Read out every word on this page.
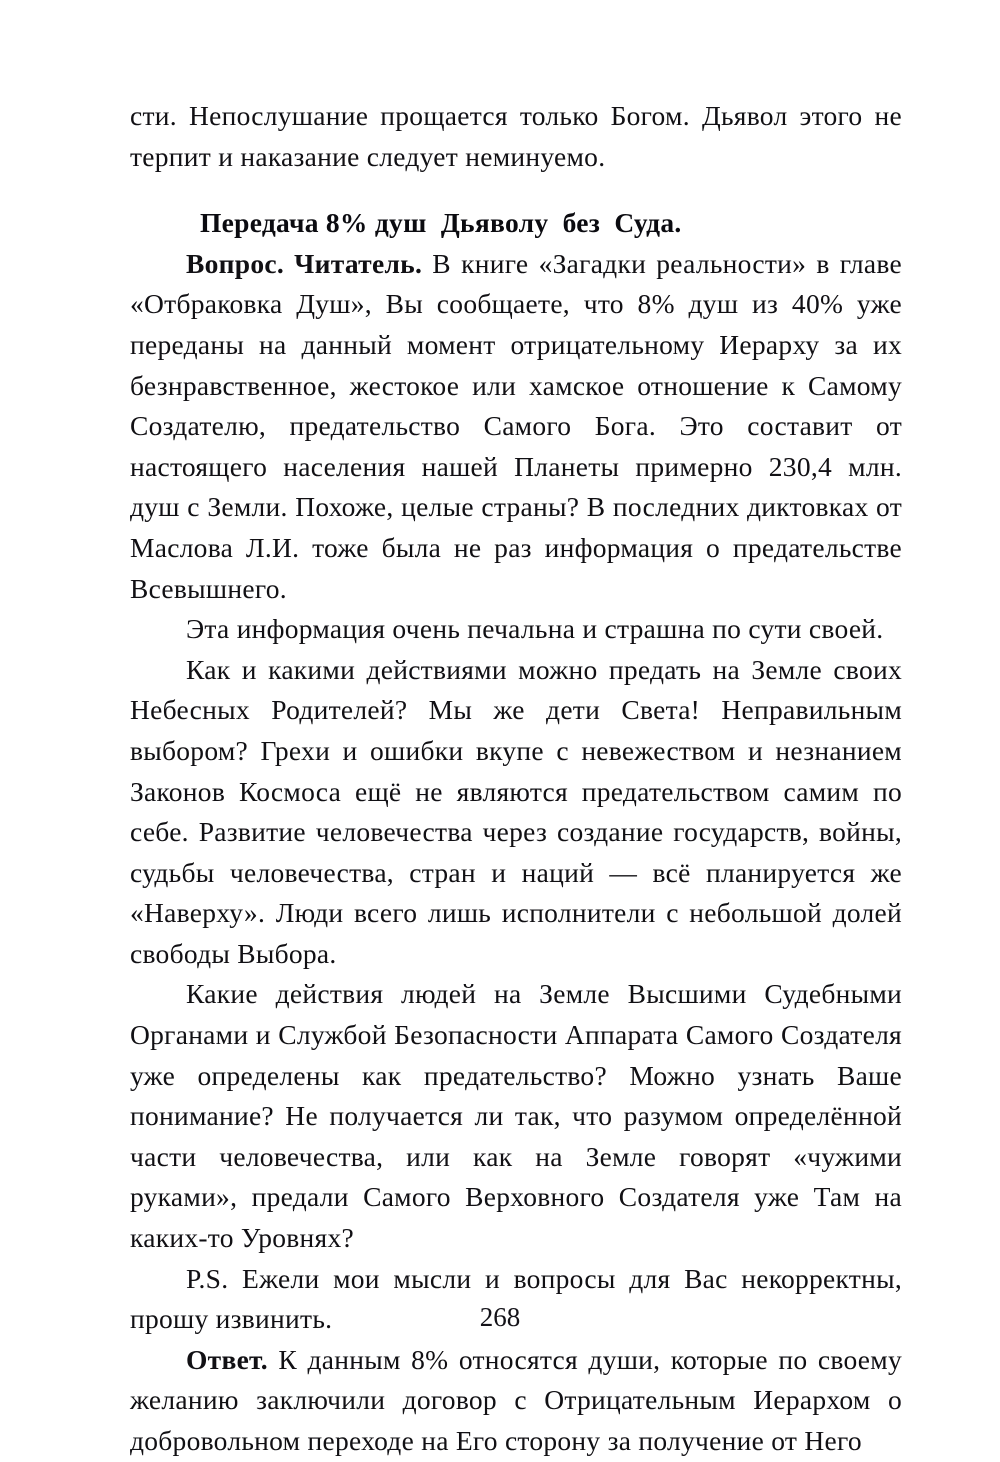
сти. Непослушание прощается только Богом. Дьявол этого не терпит и наказание следует неминуемо.

Передача 8% душ  Дьяволу  без  Суда.

Вопрос. Читатель. В книге «Загадки реальности» в главе «Отбраковка Душ», Вы сообщаете, что 8% душ из 40% уже переданы на данный момент отрицательному Иерарху за их безнравственное, жестокое или хамское отношение к Самому Создателю, предательство Самого Бога. Это составит от настоящего населения нашей Планеты примерно 230,4 млн. душ с Земли. Похоже, целые страны? В последних диктовках от Маслова Л.И. тоже была не раз информация о предательстве Всевышнего.

Эта информация очень печальна и страшна по сути своей.

Как и какими действиями можно предать на Земле своих Небесных Родителей? Мы же дети Света! Неправильным выбором? Грехи и ошибки вкупе с невежеством и незнанием Законов Космоса ещё не являются предательством самим по себе. Развитие человечества через создание государств, войны, судьбы человечества, стран и наций — всё планируется же «Наверху». Люди всего лишь исполнители с небольшой долей свободы Выбора.

Какие действия людей на Земле Высшими Судебными Органами и Службой Безопасности Аппарата Самого Создателя уже определены как предательство? Можно узнать Ваше понимание? Не получается ли так, что разумом определённой части человечества, или как на Земле говорят «чужими руками», предали Самого Верховного Создателя уже Там на каких-то Уровнях?

P.S. Ежели мои мысли и вопросы для Вас некорректны, прошу извинить.

Ответ. К данным 8% относятся души, которые по своему желанию заключили договор с Отрицательным Иерархом о добровольном переходе на Его сторону за получение от Него

268
